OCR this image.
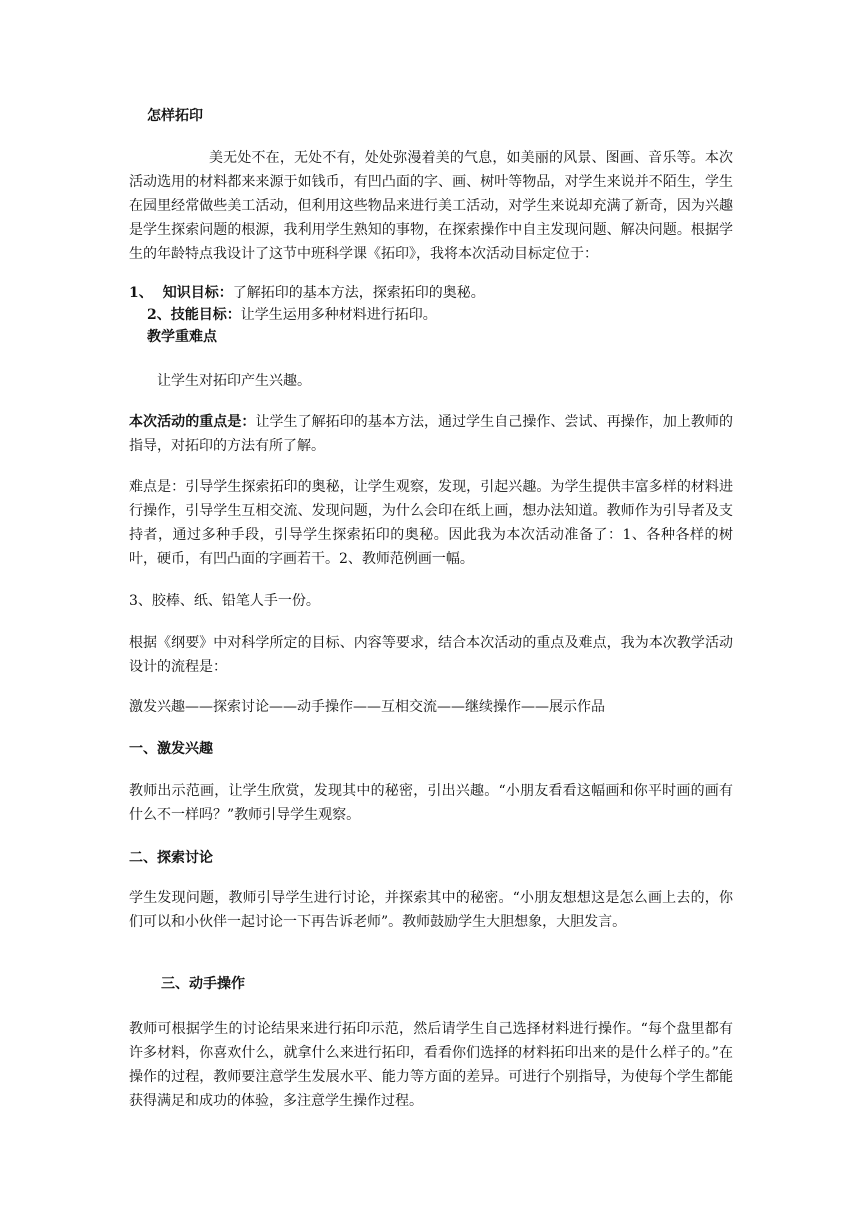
怎样拓印

美无处不在，无处不有，处处弥漫着美的气息，如美丽的风景、图画、音乐等。本次活动选用的材料都来来源于如钱币，有凹凸面的字、画、树叶等物品，对学生来说并不陌生，学生在园里经常做些美工活动，但利用这些物品来进行美工活动，对学生来说却充满了新奇，因为兴趣是学生探索问题的根源，我利用学生熟知的事物，在探索操作中自主发现问题、解决问题。根据学生的年龄特点我设计了这节中班科学课《拓印》，我将本次活动目标定位于：

1、 知识目标：了解拓印的基本方法，探索拓印的奥秘。

2、技能目标：让学生运用多种材料进行拓印。

教学重难点

让学生对拓印产生兴趣。

本次活动的重点是：让学生了解拓印的基本方法，通过学生自己操作、尝试、再操作，加上教师的指导，对拓印的方法有所了解。

难点是：引导学生探索拓印的奥秘，让学生观察，发现，引起兴趣。为学生提供丰富多样的材料进行操作，引导学生互相交流、发现问题，为什么会印在纸上画，想办法知道。教师作为引导者及支持者，通过多种手段，引导学生探索拓印的奥秘。因此我为本次活动准备了：1、各种各样的树叶，硬币，有凹凸面的字画若干。2、教师范例画一幅。

3、胶棒、纸、铅笔人手一份。

根据《纲要》中对科学所定的目标、内容等要求，结合本次活动的重点及难点，我为本次教学活动设计的流程是：

激发兴趣——探索讨论——动手操作——互相交流——继续操作——展示作品

一、激发兴趣

教师出示范画，让学生欣赏，发现其中的秘密，引出兴趣。“小朋友看看这幅画和你平时画的画有什么不一样吗？”教师引导学生观察。

二、探索讨论

学生发现问题，教师引导学生进行讨论，并探索其中的秘密。“小朋友想想这是怎么画上去的，你们可以和小伙伴一起讨论一下再告诉老师”。教师鼓励学生大胆想象，大胆发言。

三、动手操作

教师可根据学生的讨论结果来进行拓印示范，然后请学生自己选择材料进行操作。“每个盘里都有许多材料，你喜欢什么，就拿什么来进行拓印，看看你们选择的材料拓印出来的是什么样子的。”在操作的过程，教师要注意学生发展水平、能力等方面的差异。可进行个别指导，为使每个学生都能获得满足和成功的体验，多注意学生操作过程。
